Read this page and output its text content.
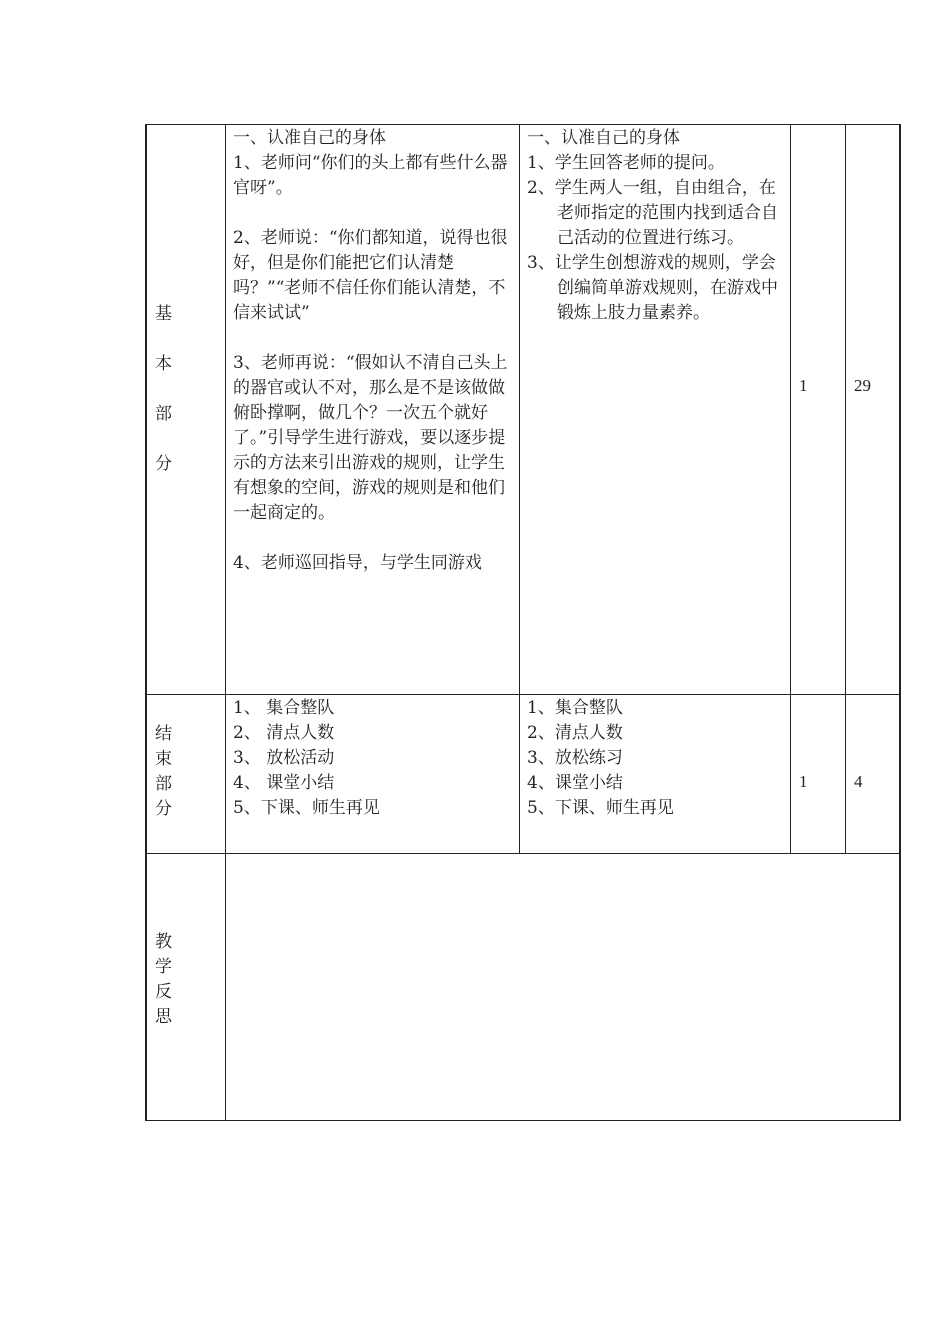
基
本
部
分

一、认准自己的身体

1、老师问“你们的头上都有些什么器官呀”。

2、老师说：“你们都知道，说得也很好，但是你们能把它们认清楚吗？”“老师不信任你们能认清楚，不信来试试”

3、老师再说：“假如认不清自己头上的器官或认不对，那么是不是该做做俯卧撑啊，做几个？一次五个就好了。”引导学生进行游戏，要以逐步提示的方法来引出游戏的规则，让学生有想象的空间，游戏的规则是和他们一起商定的。

4、老师巡回指导，与学生同游戏

一、认准自己的身体

1、学生回答老师的提问。

2、学生两人一组，自由组合，在老师指定的范围内找到适合自己活动的位置进行练习。

3、让学生创想游戏的规则，学会创编简单游戏规则，在游戏中锻炼上肢力量素养。

1	29
结
束
部
分

1、 集合整队

2、 清点人数

3、 放松活动

4、 课堂小结

5、下课、师生再见

1、集合整队

2、清点人数

3、放松练习

4、课堂小结

5、下课、师生再见

1	4
教
学
反
思
